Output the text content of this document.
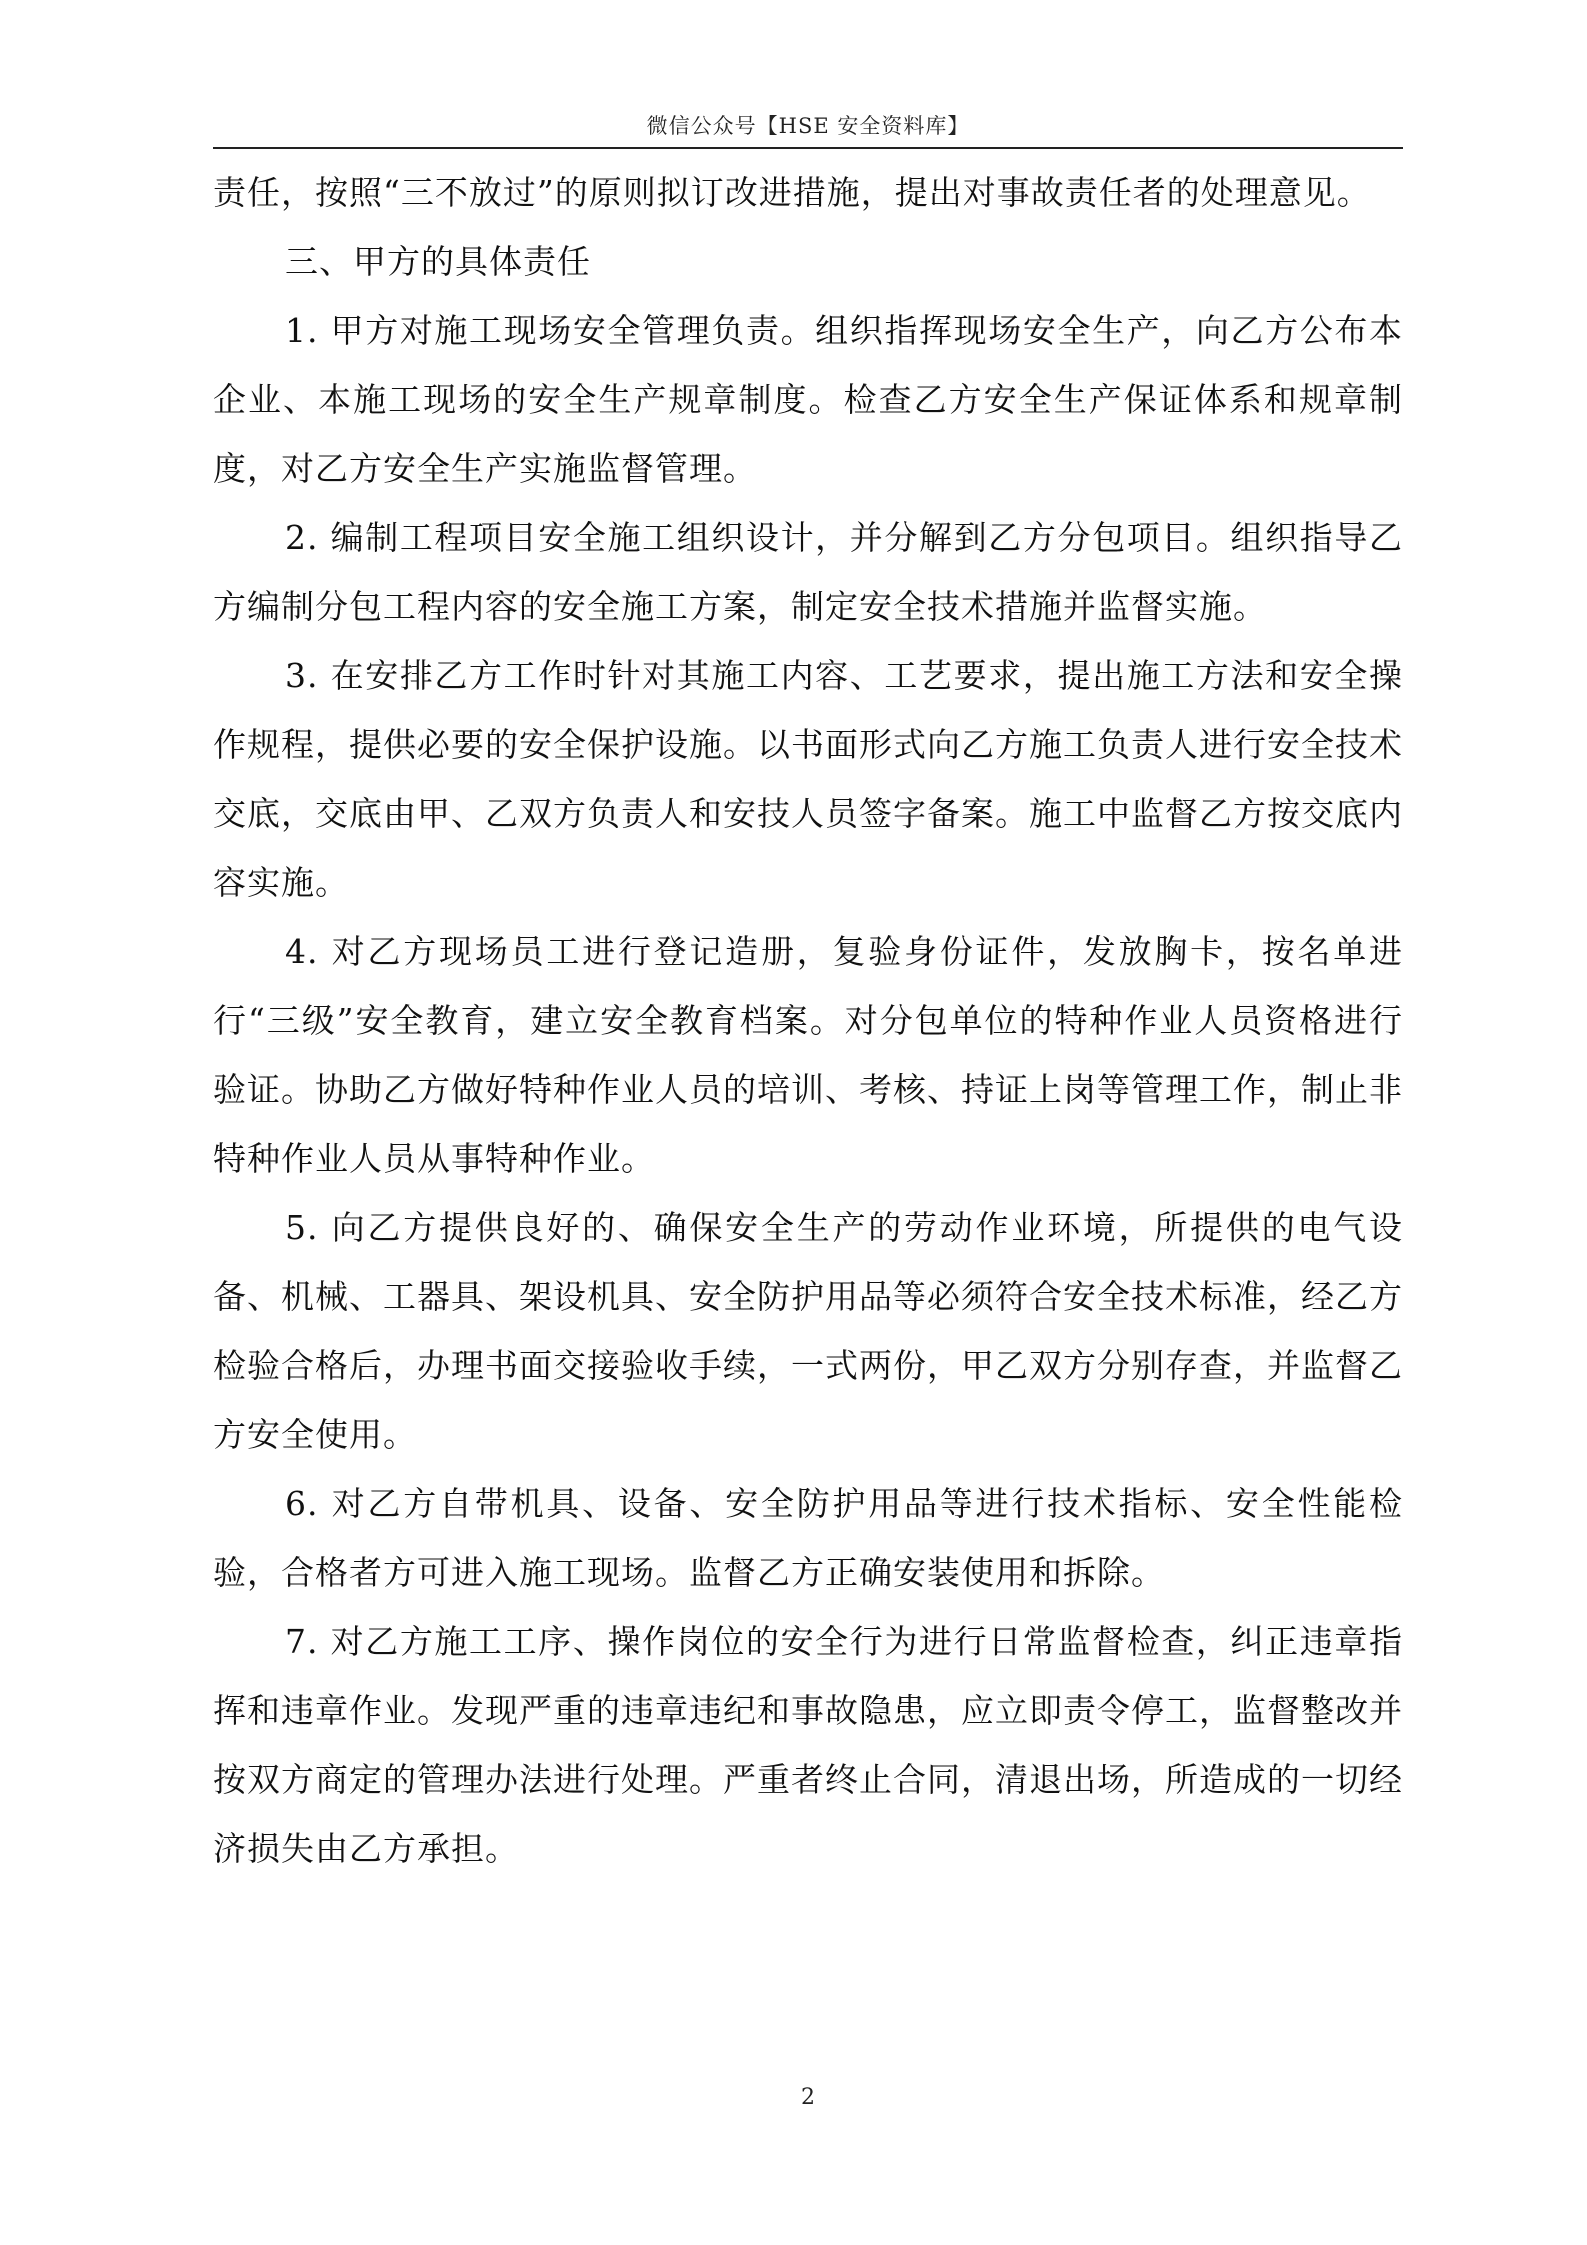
微信公众号【HSE 安全资料库】

责任，按照“三不放过”的原则拟订改进措施，提出对事故责任者的处理意见。

三、甲方的具体责任

1. 甲方对施工现场安全管理负责。组织指挥现场安全生产，向乙方公布本企业、本施工现场的安全生产规章制度。检查乙方安全生产保证体系和规章制度，对乙方安全生产实施监督管理。

2. 编制工程项目安全施工组织设计，并分解到乙方分包项目。组织指导乙方编制分包工程内容的安全施工方案，制定安全技术措施并监督实施。

3. 在安排乙方工作时针对其施工内容、工艺要求，提出施工方法和安全操作规程，提供必要的安全保护设施。以书面形式向乙方施工负责人进行安全技术交底，交底由甲、乙双方负责人和安技人员签字备案。施工中监督乙方按交底内容实施。

4. 对乙方现场员工进行登记造册，复验身份证件，发放胸卡，按名单进行“三级”安全教育，建立安全教育档案。对分包单位的特种作业人员资格进行验证。协助乙方做好特种作业人员的培训、考核、持证上岗等管理工作，制止非特种作业人员从事特种作业。

5. 向乙方提供良好的、确保安全生产的劳动作业环境，所提供的电气设备、机械、工器具、架设机具、安全防护用品等必须符合安全技术标准，经乙方检验合格后，办理书面交接验收手续，一式两份，甲乙双方分别存查，并监督乙方安全使用。

6. 对乙方自带机具、设备、安全防护用品等进行技术指标、安全性能检验，合格者方可进入施工现场。监督乙方正确安装使用和拆除。

7. 对乙方施工工序、操作岗位的安全行为进行日常监督检查，纠正违章指挥和违章作业。发现严重的违章违纪和事故隐患，应立即责令停工，监督整改并按双方商定的管理办法进行处理。严重者终止合同，清退出场，所造成的一切经济损失由乙方承担。

2
